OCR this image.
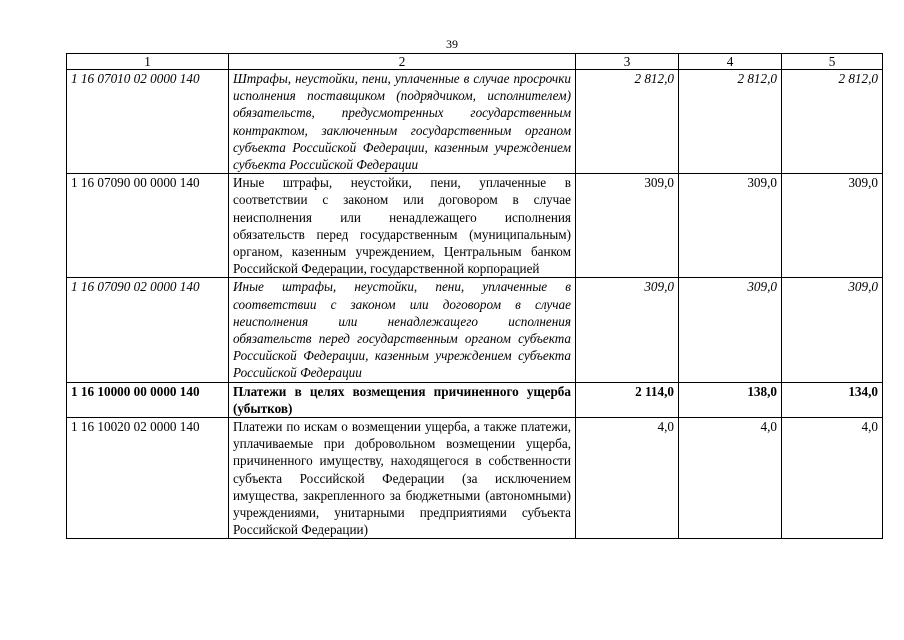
39
1	2	3	4	5
1 16 07010 02 0000 140	Штрафы, неустойки, пени, уплаченные в случае просрочки исполнения поставщиком (подрядчиком, исполнителем) обязательств, предусмотренных государственным контрактом, заключенным государственным органом субъекта Российской Федерации, казенным учреждением субъекта Российской Федерации	2 812,0	2 812,0	2 812,0
1 16 07090 00 0000 140	Иные штрафы, неустойки, пени, уплаченные в соответствии с законом или договором в случае неисполнения или ненадлежащего исполнения обязательств перед государственным (муниципальным) органом, казенным учреждением, Центральным банком Российской Федерации, государственной корпорацией	309,0	309,0	309,0
1 16 07090 02 0000 140	Иные штрафы, неустойки, пени, уплаченные в соответствии с законом или договором в случае неисполнения или ненадлежащего исполнения обязательств перед государственным органом субъекта Российской Федерации, казенным учреждением субъекта Российской Федерации	309,0	309,0	309,0
1 16 10000 00 0000 140	Платежи в целях возмещения причиненного ущерба (убытков)	2 114,0	138,0	134,0
1 16 10020 02 0000 140	Платежи по искам о возмещении ущерба, а также платежи, уплачиваемые при добровольном возмещении ущерба, причиненного имуществу, находящегося в собственности субъекта Российской Федерации (за исключением имущества, закрепленного за бюджетными (автономными) учреждениями, унитарными предприятиями субъекта Российской Федерации)	4,0	4,0	4,0
